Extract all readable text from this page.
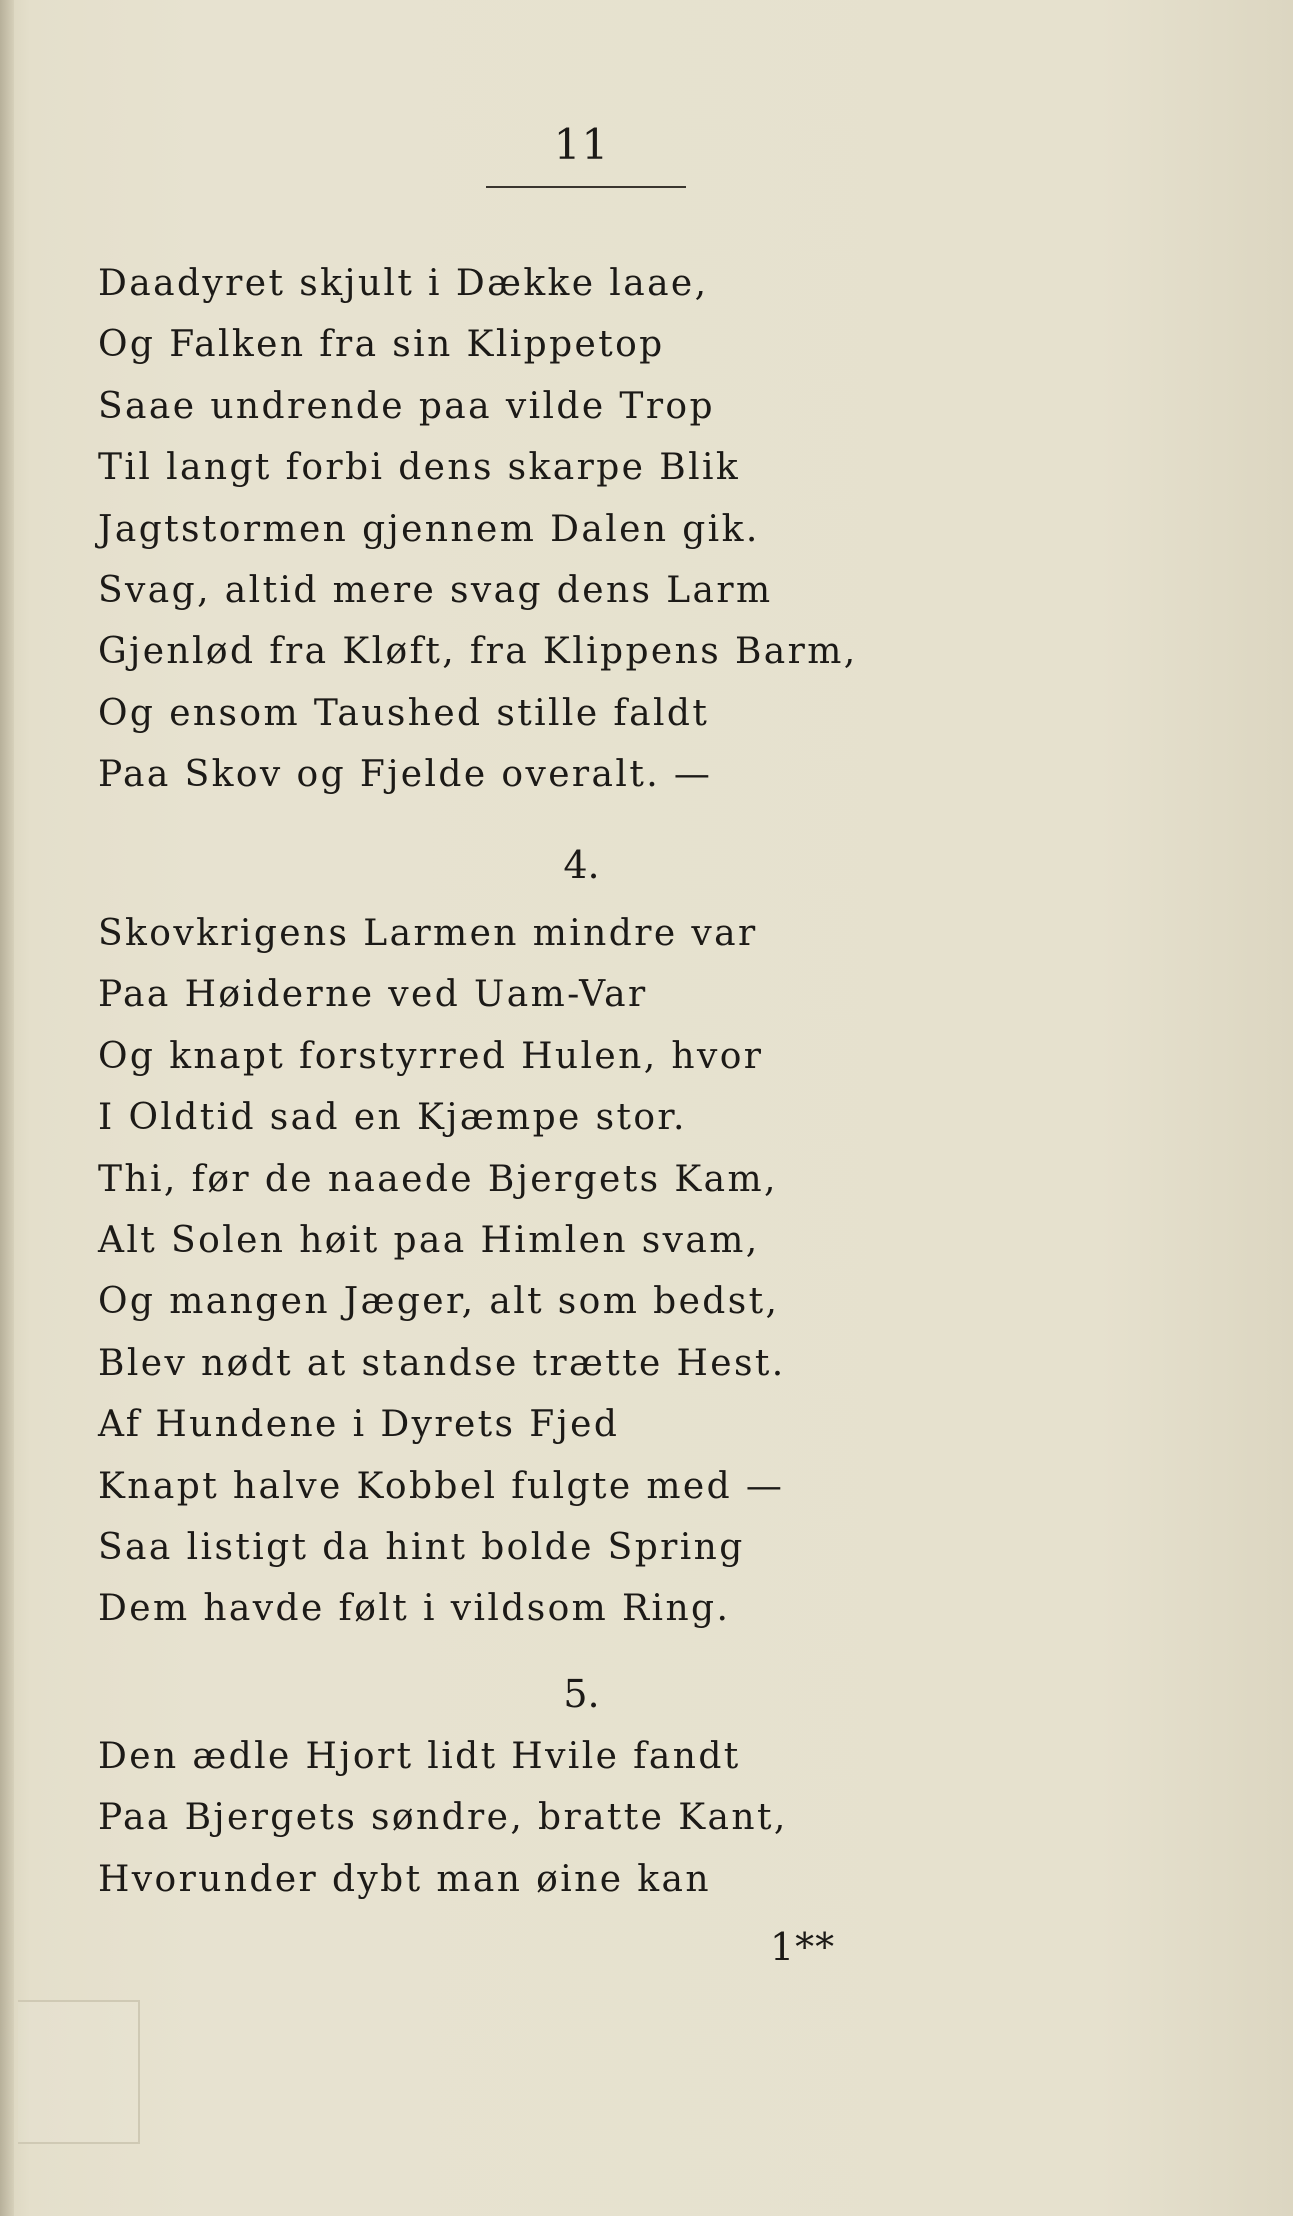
11
Daadyret skjult i Dække laae,
Og Falken fra sin Klippetop
Saae undrende paa vilde Trop
Til langt forbi dens skarpe Blik
Jagtstormen gjennem Dalen gik.
Svag, altid mere svag dens Larm
Gjenlød fra Kløft, fra Klippens Barm,
Og ensom Taushed stille faldt
Paa Skov og Fjelde overalt. —
4.
Skovkrigens Larmen mindre var
Paa Høiderne ved Uam-Var
Og knapt forstyrred Hulen, hvor
I Oldtid sad en Kjæmpe stor.
Thi, før de naaede Bjergets Kam,
Alt Solen høit paa Himlen svam,
Og mangen Jæger, alt som bedst,
Blev nødt at standse trætte Hest.
Af Hundene i Dyrets Fjed
Knapt halve Kobbel fulgte med —
Saa listigt da hint bolde Spring
Dem havde følt i vildsom Ring.
5.
Den ædle Hjort lidt Hvile fandt
Paa Bjergets søndre, bratte Kant,
Hvorunder dybt man øine kan
1**
